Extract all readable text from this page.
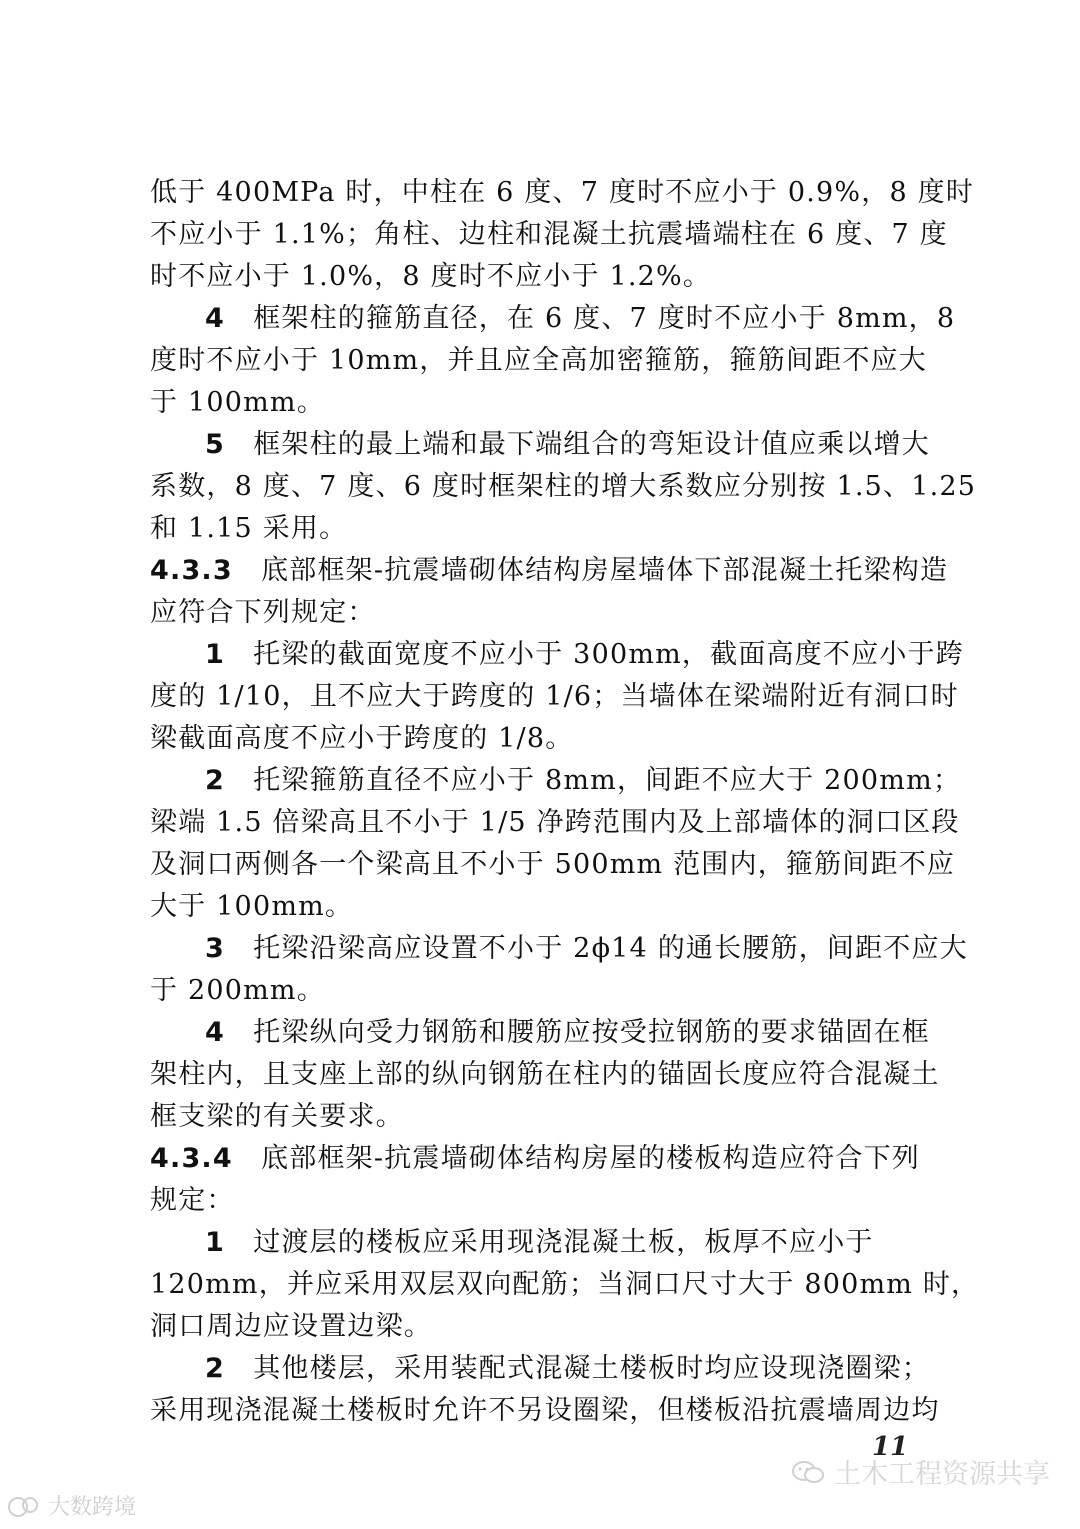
低于 400MPa 时，中柱在 6 度、7 度时不应小于 0.9%，8 度时
不应小于 1.1%；角柱、边柱和混凝土抗震墙端柱在 6 度、7 度
时不应小于 1.0%，8 度时不应小于 1.2%。
4  框架柱的箍筋直径，在 6 度、7 度时不应小于 8mm，8
度时不应小于 10mm，并且应全高加密箍筋，箍筋间距不应大
于 100mm。
5  框架柱的最上端和最下端组合的弯矩设计值应乘以增大
系数，8 度、7 度、6 度时框架柱的增大系数应分别按 1.5、1.25
和 1.15 采用。
4.3.3  底部框架-抗震墙砌体结构房屋墙体下部混凝土托梁构造
应符合下列规定：
1  托梁的截面宽度不应小于 300mm，截面高度不应小于跨
度的 1/10，且不应大于跨度的 1/6；当墙体在梁端附近有洞口时
梁截面高度不应小于跨度的 1/8。
2  托梁箍筋直径不应小于 8mm，间距不应大于 200mm；
梁端 1.5 倍梁高且不小于 1/5 净跨范围内及上部墙体的洞口区段
及洞口两侧各一个梁高且不小于 500mm 范围内，箍筋间距不应
大于 100mm。
3  托梁沿梁高应设置不小于 2ϕ14 的通长腰筋，间距不应大
于 200mm。
4  托梁纵向受力钢筋和腰筋应按受拉钢筋的要求锚固在框
架柱内，且支座上部的纵向钢筋在柱内的锚固长度应符合混凝土
框支梁的有关要求。
4.3.4  底部框架-抗震墙砌体结构房屋的楼板构造应符合下列
规定：
1  过渡层的楼板应采用现浇混凝土板，板厚不应小于
120mm，并应采用双层双向配筋；当洞口尺寸大于 800mm 时，
洞口周边应设置边梁。
2  其他楼层，采用装配式混凝土楼板时均应设现浇圈梁；
采用现浇混凝土楼板时允许不另设圈梁，但楼板沿抗震墙周边均
11
大数跨境
土木工程资源共享
